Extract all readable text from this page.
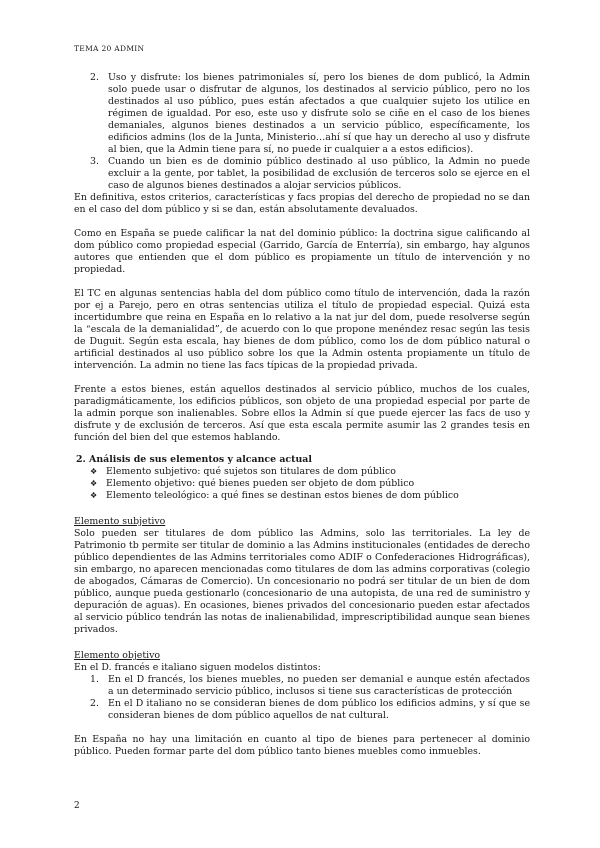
TEMA 20 ADMIN
2. Uso y disfrute: los bienes patrimoniales sí, pero los bienes de dom publicó, la Admin solo puede usar o disfrutar de algunos, los destinados al servicio público, pero no los destinados al uso público, pues están afectados a que cualquier sujeto los utilice en régimen de igualdad. Por eso, este uso y disfrute solo se ciñe en el caso de los bienes demaniales, algunos bienes destinados a un servicio público, específicamente, los edificios admins (los de la Junta, Ministerio…ahí sí que hay un derecho al uso y disfrute al bien, que la Admin tiene para sí, no puede ir cualquier a a estos edificios).
3. Cuando un bien es de dominio público destinado al uso público, la Admin no puede excluir a la gente, por tablet, la posibilidad de exclusión de terceros solo se ejerce en el caso de algunos bienes destinados a alojar servicios públicos.

En definitiva, estos criterios, características y facs propias del derecho de propiedad no se dan en el caso del dom público y si se dan, están absolutamente devaluados.

Como en España se puede calificar la nat del dominio público: la doctrina sigue calificando al dom público como propiedad especial (Garrido, García de Enterría), sin embargo, hay algunos autores que entienden que el dom público es propiamente un título de intervención y no propiedad.

El TC en algunas sentencias habla del dom público como título de intervención, dada la razón por ej a Parejo, pero en otras sentencias utiliza el título de propiedad especial. Quizá esta incertidumbre que reina en España en lo relativo a la nat jur del dom, puede resolverse según la “escala de la demanialidad”, de acuerdo con lo que propone menéndez resac según las tesis de Duguit. Según esta escala, hay bienes de dom público, como los de dom público natural o artificial destinados al uso público sobre los que la Admin ostenta propiamente un título de intervención. La admin no tiene las facs típicas de la propiedad privada.

Frente a estos bienes, están aquellos destinados al servicio público, muchos de los cuales, paradigmáticamente, los edificios públicos, son objeto de una propiedad especial por parte de la admin porque son inalienables. Sobre ellos la Admin sí que puede ejercer las facs de uso y disfrute y de exclusión de terceros. Así que esta escala permite asumir las 2 grandes tesis en función del bien del que estemos hablando.

2. Análisis de sus elementos y alcance actual
❖ Elemento subjetivo: qué sujetos son titulares de dom público
❖ Elemento objetivo: qué bienes pueden ser objeto de dom público
❖ Elemento teleológico: a qué fines se destinan estos bienes de dom público
Elemento subjetivo

Solo pueden ser titulares de dom público las Admins, solo las territoriales. La ley de Patrimonio tb permite ser titular de dominio a las Admins institucionales (entidades de derecho público dependientes de las Admins territoriales como ADIF o Confederaciones Hidrográficas), sin embargo, no aparecen mencionadas como titulares de dom las admins corporativas (colegio de abogados, Cámaras de Comercio). Un concesionario no podrá ser titular de un bien de dom público, aunque pueda gestionarlo (concesionario de una autopista, de una red de suministro y depuración de aguas). En ocasiones, bienes privados del concesionario pueden estar afectados al servicio público tendrán las notas de inalienabilidad, imprescriptibilidad aunque sean bienes privados.

Elemento objetivo

En el D. francés e italiano siguen modelos distintos:

1. En el D francés, los bienes muebles, no pueden ser demanial e aunque estén afectados a un determinado servicio público, inclusos si tiene sus características de protección
2. En el D italiano no se consideran bienes de dom público los edificios admins, y sí que se consideran bienes de dom público aquellos de nat cultural.

En España no hay una limitación en cuanto al tipo de bienes para pertenecer al dominio público. Pueden formar parte del dom público tanto bienes muebles como inmuebles.

2
